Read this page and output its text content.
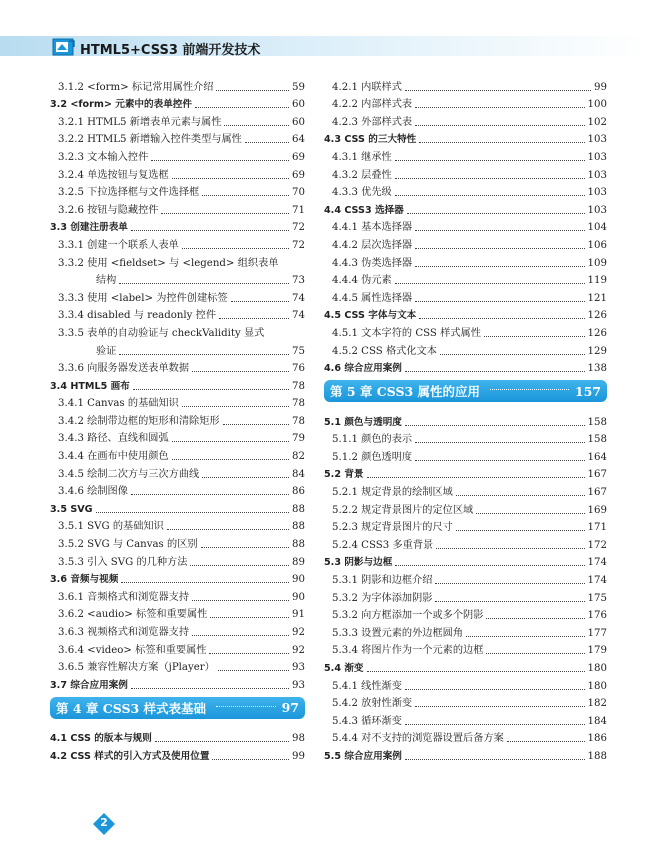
HTML5+CSS3 前端开发技术
3.1.2 <form> 标记常用属性介绍	59
3.2 <form> 元素中的表单控件	60
3.2.1 HTML5 新增表单元素与属性	60
3.2.2 HTML5 新增输入控件类型与属性	64
3.2.3 文本输入控件	69
3.2.4 单选按钮与复选框	69
3.2.5 下拉选择框与文件选择框	70
3.2.6 按钮与隐藏控件	71
3.3 创建注册表单	72
3.3.1 创建一个联系人表单	72
3.3.2 使用 <fieldset> 与 <legend> 组织表单
结构	73
3.3.3 使用 <label> 为控件创建标签	74
3.3.4 disabled 与 readonly 控件	74
3.3.5 表单的自动验证与 checkValidity 显式
验证	75
3.3.6 向服务器发送表单数据	76
3.4 HTML5 画布	78
3.4.1 Canvas 的基础知识	78
3.4.2 绘制带边框的矩形和清除矩形	78
3.4.3 路径、直线和圆弧	79
3.4.4 在画布中使用颜色	82
3.4.5 绘制二次方与三次方曲线	84
3.4.6 绘制图像	86
3.5 SVG	88
3.5.1 SVG 的基础知识	88
3.5.2 SVG 与 Canvas 的区别	88
3.5.3 引入 SVG 的几种方法	89
3.6 音频与视频	90
3.6.1 音频格式和浏览器支持	90
3.6.2 <audio> 标签和重要属性	91
3.6.3 视频格式和浏览器支持	92
3.6.4 <video> 标签和重要属性	92
3.6.5 兼容性解决方案（jPlayer）	93
3.7 综合应用案例	93
第 4 章 CSS3 样式表基础	97
4.1 CSS 的版本与规则	98
4.2 CSS 样式的引入方式及使用位置	99
4.2.1 内联样式	99
4.2.2 内部样式表	100
4.2.3 外部样式表	102
4.3 CSS 的三大特性	103
4.3.1 继承性	103
4.3.2 层叠性	103
4.3.3 优先级	103
4.4 CSS3 选择器	103
4.4.1 基本选择器	104
4.4.2 层次选择器	106
4.4.3 伪类选择器	109
4.4.4 伪元素	119
4.4.5 属性选择器	121
4.5 CSS 字体与文本	126
4.5.1 文本字符的 CSS 样式属性	126
4.5.2 CSS 格式化文本	129
4.6 综合应用案例	138
第 5 章 CSS3 属性的应用	157
5.1 颜色与透明度	158
5.1.1 颜色的表示	158
5.1.2 颜色透明度	164
5.2 背景	167
5.2.1 规定背景的绘制区域	167
5.2.2 规定背景图片的定位区域	169
5.2.3 规定背景图片的尺寸	171
5.2.4 CSS3 多重背景	172
5.3 阴影与边框	174
5.3.1 阴影和边框介绍	174
5.3.2 为字体添加阴影	175
5.3.2 向方框添加一个或多个阴影	176
5.3.3 设置元素的外边框圆角	177
5.3.4 将图片作为一个元素的边框	179
5.4 渐变	180
5.4.1 线性渐变	180
5.4.2 放射性渐变	182
5.4.3 循环渐变	184
5.4.4 对不支持的浏览器设置后备方案	186
5.5 综合应用案例	188
2
